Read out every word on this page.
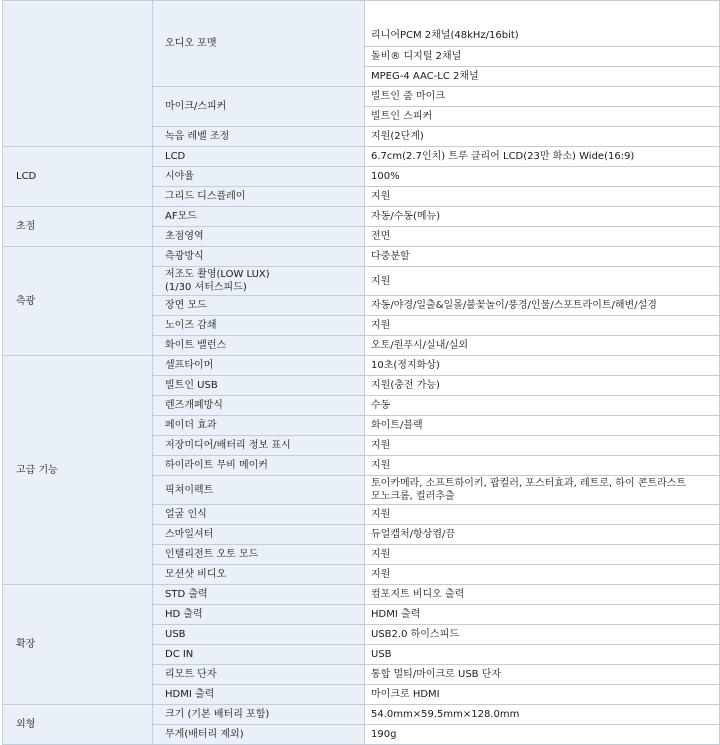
	오디오 포맷	리니어PCM 2채널(48kHz/16bit)
		돌비® 디지털 2채널
		MPEG-4 AAC-LC 2채널
	마이크/스피커	빌트인 줌 마이크
		빌트인 스피커
	녹음 레벨 조정	지원(2단계)
LCD	LCD	6.7cm(2.7인치) 트루 클리어 LCD(23만 화소) Wide(16:9)
	시야율	100%
	그리드 디스플레이	지원
초점	AF모드	자동/수동(메뉴)
	초점영역	전면
측광	측광방식	다중분할
	저조도 촬영(LOW LUX)
(1/30 셔터스피드)	지원
	장면 모드	자동/야경/일출&일몰/불꽃놀이/풍경/인물/스포트라이트/해변/설경
	노이즈 감쇄	지원
	화이트 밸런스	오토/원푸시/실내/실외
고급 기능	셀프타이머	10초(정지화상)
	빌트인 USB	지원(충전 가능)
	렌즈개폐방식	수동
	페이더 효과	화이트/블랙
	저장미디어/배터리 정보 표시	지원
	하이라이트 무비 메이커	지원
	픽쳐이펙트	토이카메라, 소프트하이키, 팝컬러, 포스터효과, 레트로, 하이 콘트라스트
모노크롬, 컬러추출
	얼굴 인식	지원
	스마일셔터	듀얼캡처/항상켬/끔
	인텔리전트 오토 모드	지원
	모션샷 비디오	지원
확장	STD 출력	컴포지트 비디오 출력
	HD 출력	HDMI 출력
	USB	USB2.0 하이스피드
	DC IN	USB
	리모트 단자	통합 멀티/마이크로 USB 단자
	HDMI 출력	마이크로 HDMI
외형	크기 (기본 배터리 포함)	54.0mm×59.5mm×128.0mm
	무게(배터리 제외)	190g
